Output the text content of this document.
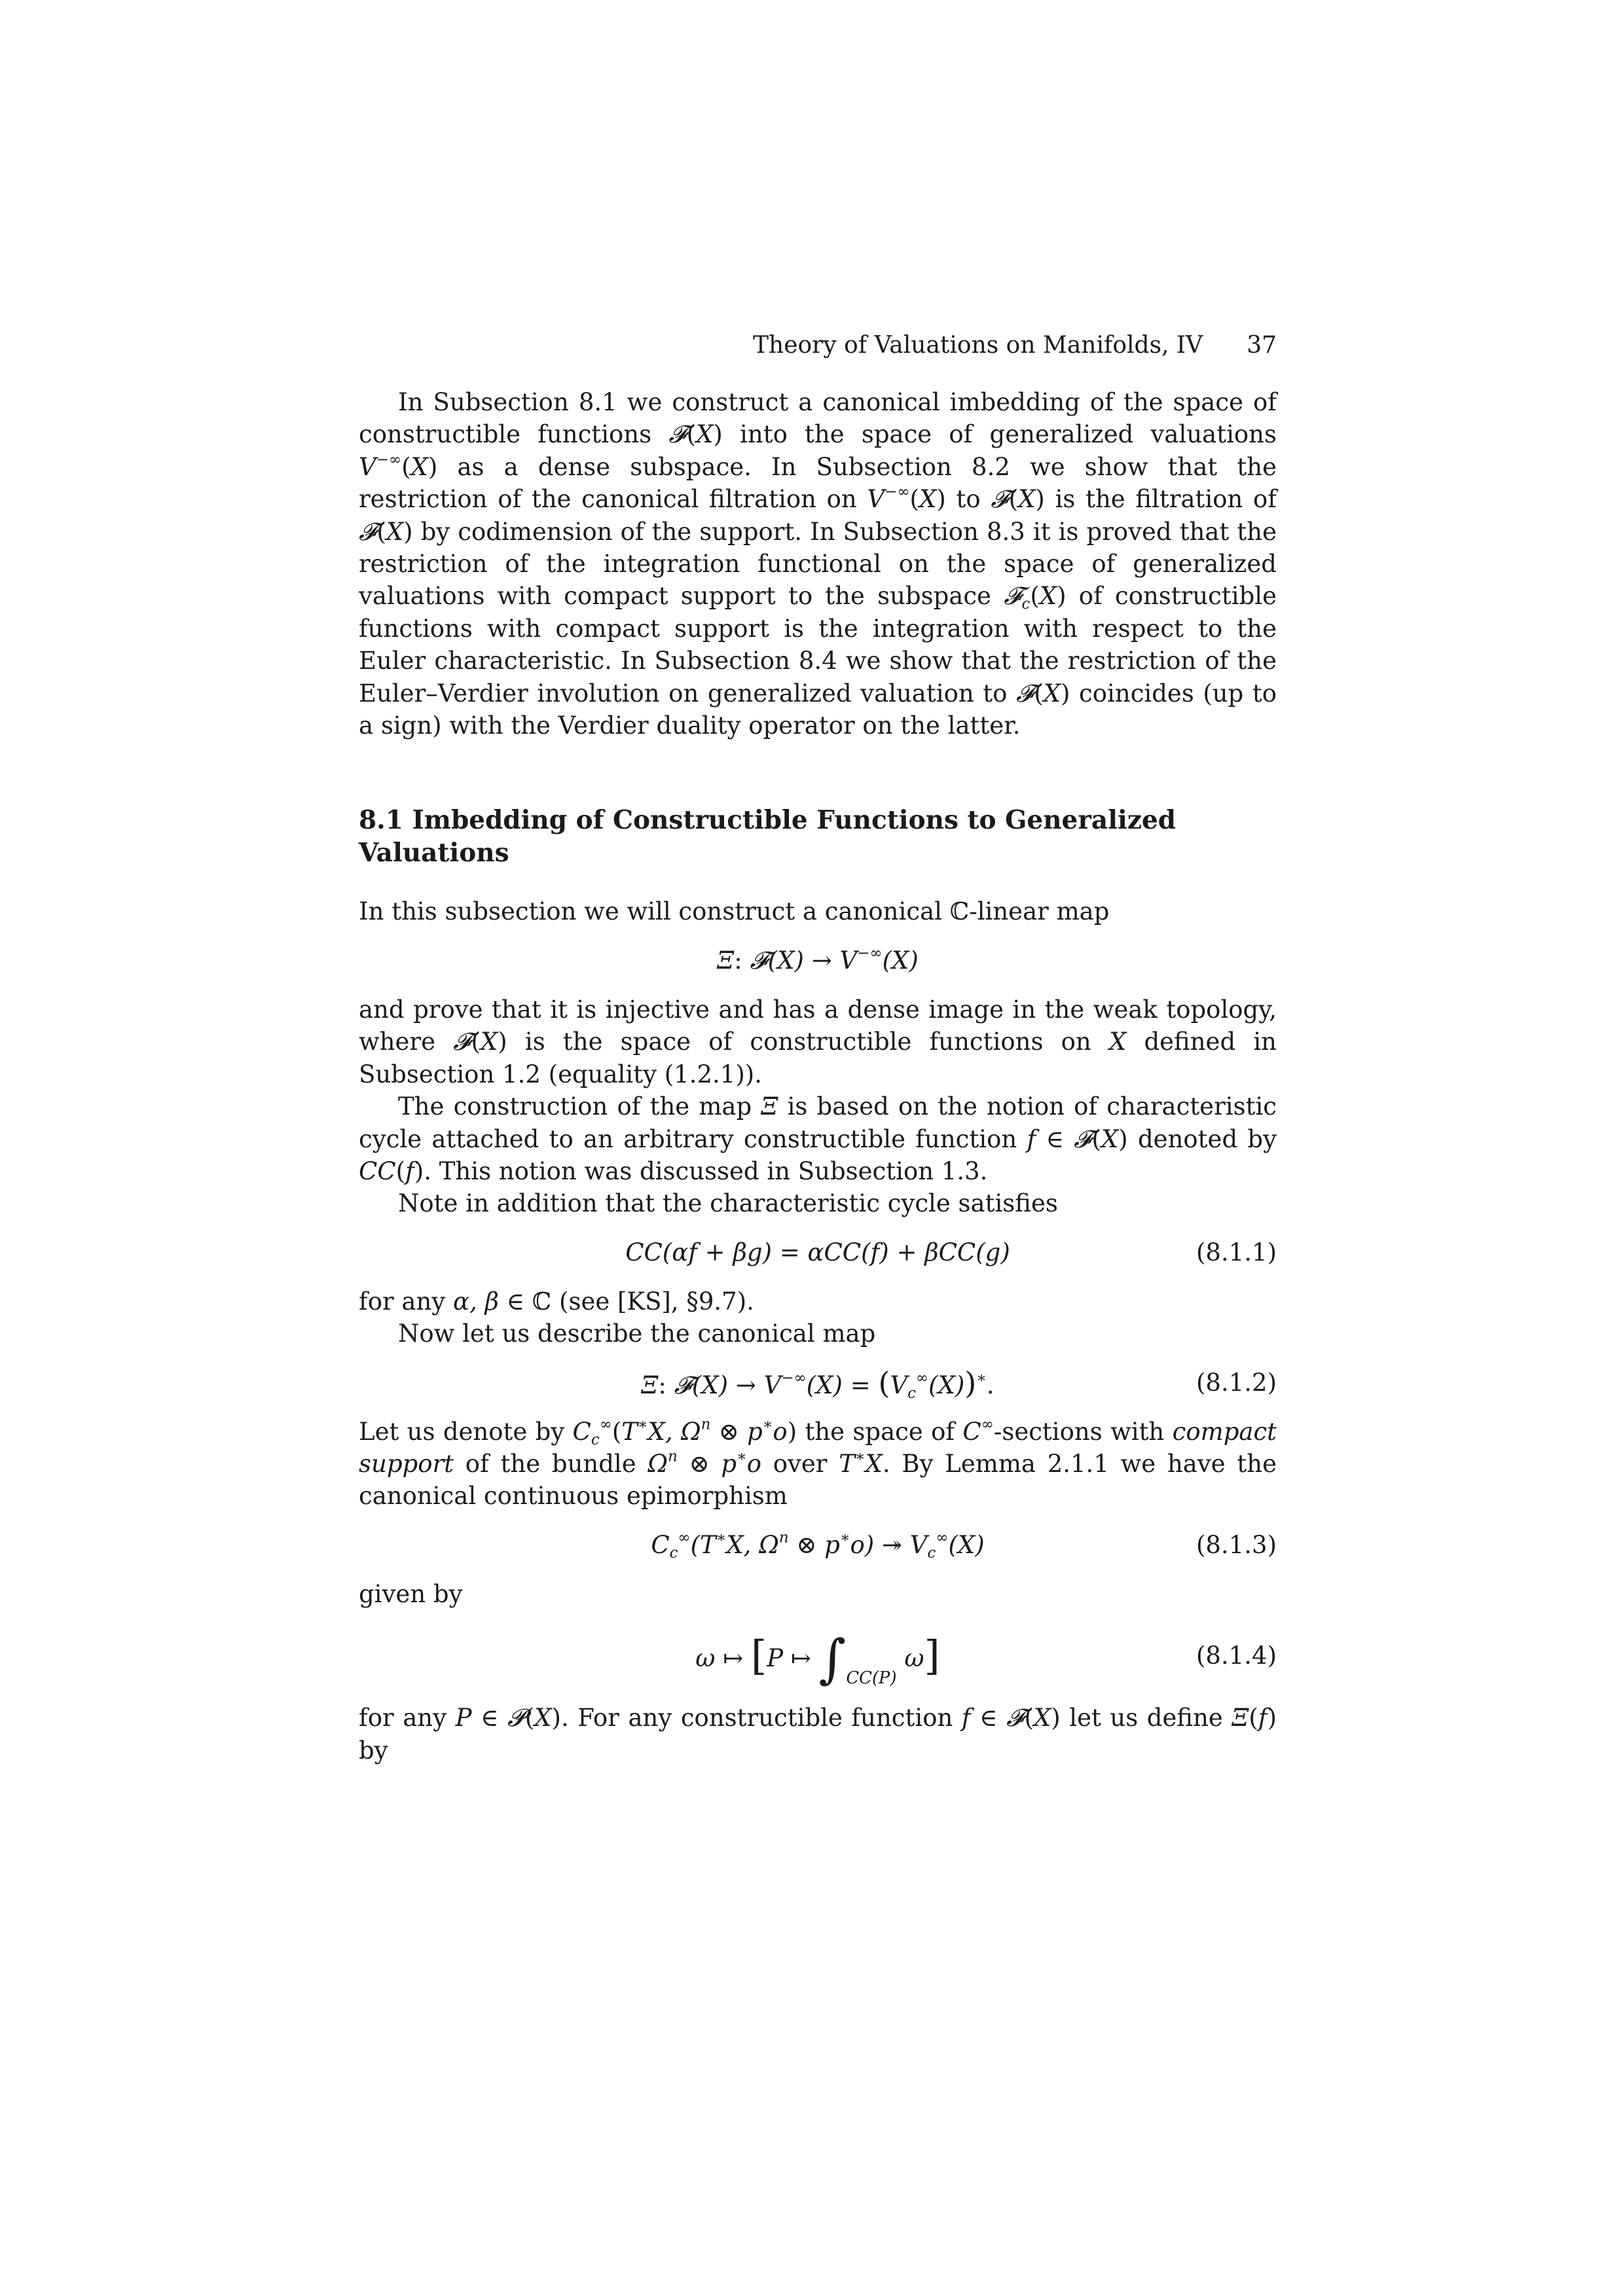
Theory of Valuations on Manifolds, IV 37

In Subsection 8.1 we construct a canonical imbedding of the space of constructible functions 𝓕(X) into the space of generalized valuations V−∞(X) as a dense subspace. In Subsection 8.2 we show that the restriction of the canonical filtration on V−∞(X) to 𝓕(X) is the filtration of 𝓕(X) by codimension of the support. In Subsection 8.3 it is proved that the restriction of the integration functional on the space of generalized valuations with compact support to the subspace 𝓕$_c$(X) of constructible functions with compact support is the integration with respect to the Euler characteristic. In Subsection 8.4 we show that the restriction of the Euler–Verdier involution on generalized valuation to 𝓕(X) coincides (up to a sign) with the Verdier duality operator on the latter.

8.1 Imbedding of Constructible Functions to Generalized Valuations

In this subsection we will construct a canonical ℂ-linear map

Ξ: 𝓕(X) → V−∞(X)

and prove that it is injective and has a dense image in the weak topology, where 𝓕(X) is the space of constructible functions on X defined in Subsection 1.2 (equality (1.2.1)).

The construction of the map Ξ is based on the notion of characteristic cycle attached to an arbitrary constructible function f ∈ 𝓕(X) denoted by CC(f). This notion was discussed in Subsection 1.3.

Note in addition that the characteristic cycle satisfies

CC(αf + βg) = αCC(f) + βCC(g)	(8.1.1)

for any α, β ∈ ℂ (see [KS], §9.7).

Now let us describe the canonical map

Ξ: 𝓕(X) → $V^{-\infty}(X) = (V_c^\infty(X))^∗$.	(8.1.2)

Let us denote by $C_c^\infty(T^∗X$, $\Omega^n$ ⊗ p∗o) the space of C∞-sections with compact support of the bundle $\Omega^n$ ⊗ p∗o over T∗X. By Lemma 2.1.1 we have the canonical continuous epimorphism

$C_c^\infty(T^∗X$, $\Omega^n$ ⊗ p∗o) ↠ $V_c^\infty(X)$	(8.1.3)

given by

ω ↦ [P ↦ $\int_{CC(P)}$ ω]	(8.1.4)

for any P ∈ 𝓟(X). For any constructible function f ∈ 𝓕(X) let us define Ξ(f) by
